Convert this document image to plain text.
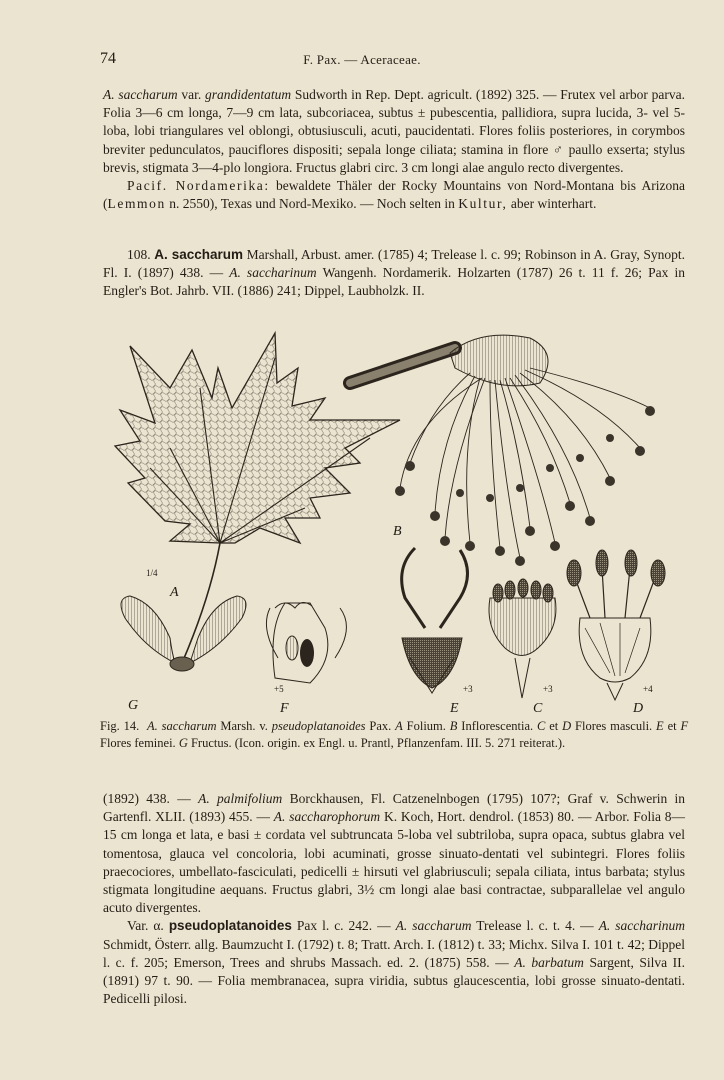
74	F. Pax. — Aceraceae.

A. saccharum var. grandidentatum Sudworth in Rep. Dept. agricult. (1892) 325. — Frutex vel arbor parva. Folia 3—6 cm longa, 7—9 cm lata, subcoriacea, subtus ± pubescentia, pallidiora, supra lucida, 3- vel 5-loba, lobi triangulares vel oblongi, obtusiusculi, acuti, paucidentati. Flores foliis posteriores, in corymbos breviter pedunculatos, pauciflores dispositi; sepala longe ciliata; stamina in flore ♂ paullo exserta; stylus brevis, stigmata 3—4-plo longiora. Fructus glabri circ. 3 cm longi alae angulo recto divergentes.

Pacif. Nordamerika: bewaldete Thäler der Rocky Mountains von Nord-Montana bis Arizona (Lemmon n. 2550), Texas und Nord-Mexiko. — Noch selten in Kultur, aber winterhart.

108. A. saccharum Marshall, Arbust. amer. (1785) 4; Trelease l. c. 99; Robinson in A. Gray, Synopt. Fl. I. (1897) 438. — A. saccharinum Wangenh. Nordamerik. Holzarten (1787) 26 t. 11 f. 26; Pax in Engler's Bot. Jahrb. VII. (1886) 241; Dippel, Laubholzk. II.

1/4
A
B
G
+5
F
+3
E
+3
C
+4
D

Fig. 14. A. saccharum Marsh. v. pseudoplatanoides Pax. A Folium. B Inflorescentia. C et D Flores masculi. E et F Flores feminei. G Fructus. (Icon. origin. ex Engl. u. Prantl, Pflanzenfam. III. 5. 271 reiterat.).

(1892) 438. — A. palmifolium Borckhausen, Fl. Catzenelnbogen (1795) 107?; Graf v. Schwerin in Gartenfl. XLII. (1893) 455. — A. saccharophorum K. Koch, Hort. dendrol. (1853) 80. — Arbor. Folia 8—15 cm longa et lata, e basi ± cordata vel subtruncata 5-loba vel subtriloba, supra opaca, subtus glabra vel tomentosa, glauca vel concoloria, lobi acuminati, grosse sinuato-dentati vel subintegri. Flores foliis praecociores, umbellato-fasciculati, pedicelli ± hirsuti vel glabriusculi; sepala ciliata, intus barbata; stylus stigmata longitudine aequans. Fructus glabri, 3½ cm longi alae basi contractae, subparallelae vel angulo acuto divergentes.

Var. α. pseudoplatanoides Pax l. c. 242. — A. saccharum Trelease l. c. t. 4. — A. saccharinum Schmidt, Österr. allg. Baumzucht I. (1792) t. 8; Tratt. Arch. I. (1812) t. 33; Michx. Silva I. 101 t. 42; Dippel l. c. f. 205; Emerson, Trees and shrubs Massach. ed. 2. (1875) 558. — A. barbatum Sargent, Silva II. (1891) 97 t. 90. — Folia membranacea, supra viridia, subtus glaucescentia, lobi grosse sinuato-dentati. Pedicelli pilosi.
